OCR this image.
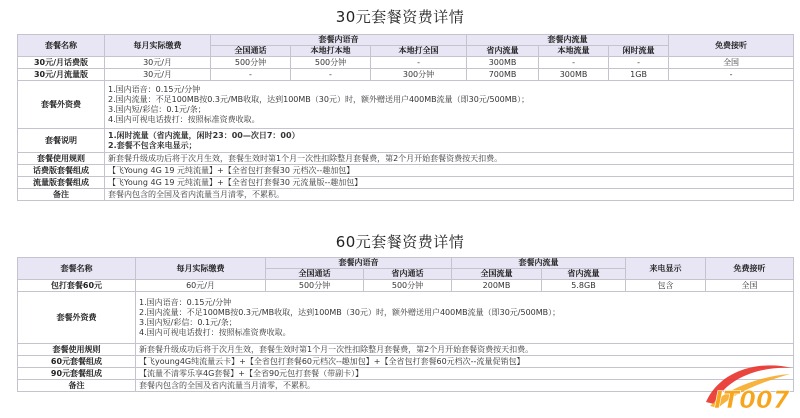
30元套餐资费详情
套餐名称	每月实际缴费	套餐内语音			套餐内流量			免费接听
		全国通话	本地打本地	本地打全国	省内流量	本地流量	闲时流量	
30元/月话费版	30元/月	500分钟	500分钟	-	300MB	-	-	全国
30元/月流量版	30元/月	-	-	300分钟	700MB	300MB	1GB	-
套餐外资费	1.国内语音：0.15元/分钟
2.国内流量：不足100MB按0.3元/MB收取，达到100MB（30元）时，额外赠送用户400MB流量（即30元/500MB）；
3.国内短/彩信：0.1元/条；
4.国内可视电话拨打：按照标准资费收取。							

套餐说明	1.闲时流量（省内流量，闲时23：00—次日7：00）
2.套餐不包含来电显示；							

套餐使用规则	新套餐升级成功后将于次月生效，套餐生效时第1个月一次性扣除整月套餐费，第2个月开始套餐资费按天扣费。							
话费版套餐组成	【飞Young 4G 19 元纯流量】+【全省包打套餐30 元档次--趣加包】							
流量版套餐组成	【飞Young 4G 19 元纯流量】+【全省包打套餐30 元流量版--趣加包】							
备注	套餐内包含的全国及省内流量当月清零，不累积。							
60元套餐资费详情
套餐名称	每月实际缴费	套餐内语音		套餐内流量		来电显示	免费接听
		全国通话	省内通话	全国流量	省内流量		
包打套餐60元	60元/月	500分钟	500分钟	200MB	5.8GB	包含	全国
套餐外资费	1.国内语音：0.15元/分钟
2.国内流量：不足100MB按0.3元/MB收取，达到100MB（30元）时，额外赠送用户400MB流量（即30元/500MB）；
3.国内短/彩信：0.1元/条；
4.国内可视电话拨打：按照标准资费收取。						

套餐使用规则	新套餐升级成功后将于次月生效，套餐生效时第1个月一次性扣除整月套餐费，第2个月开始套餐资费按天扣费。						
60元套餐组成	【飞young4G纯流量云卡】+【全省包打套餐60元档次--趣加包】+【全省包打套餐60元档次--流量促销包】						
90元套餐组成	【流量不清零乐享4G套餐】+【全省90元包打套餐（带副卡）】						
备注	套餐内包含的全国及省内流量当月清零，不累积。						
IT007
